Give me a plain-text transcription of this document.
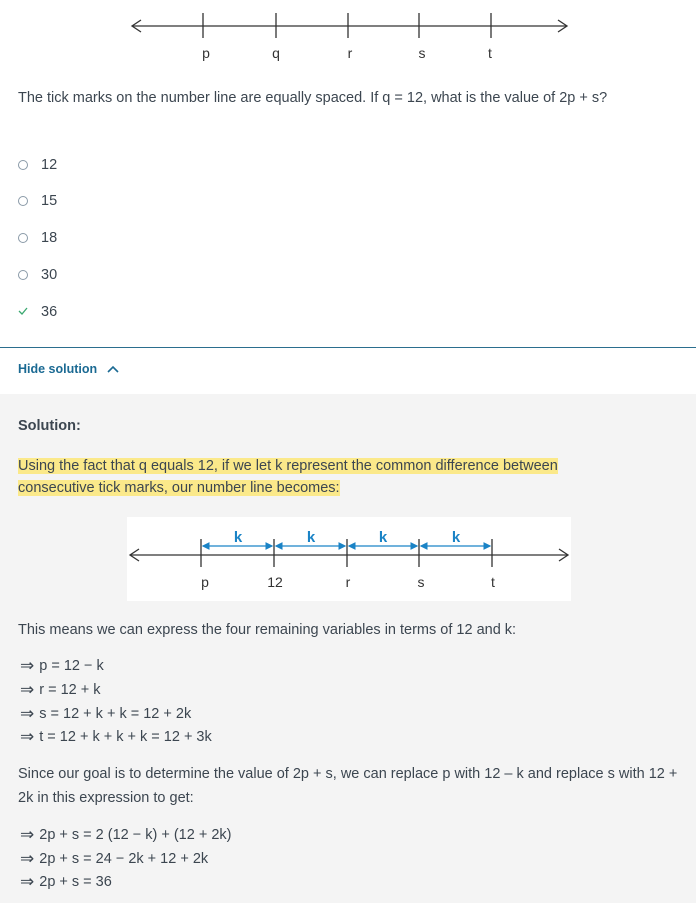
p	q	r	s	t
The tick marks on the number line are equally spaced. If q = 12, what is the value of 2p + s?
12
15
18
30
36
Hide solution
Solution:
Using the fact that q equals 12, if we let k represent the common difference between consecutive tick marks, our number line becomes:
k	k	k	k
p	12	r	s	t
This means we can express the four remaining variables in terms of 12 and k:
⇒ p = 12 − k
⇒ r = 12 + k
⇒ s = 12 + k + k = 12 + 2k
⇒ t = 12 + k + k + k = 12 + 3k
Since our goal is to determine the value of 2p + s, we can replace p with 12 – k and replace s with 12 + 2k in this expression to get:
⇒ 2p + s = 2 (12 − k) + (12 + 2k)
⇒ 2p + s = 24 − 2k + 12 + 2k
⇒ 2p + s = 36
